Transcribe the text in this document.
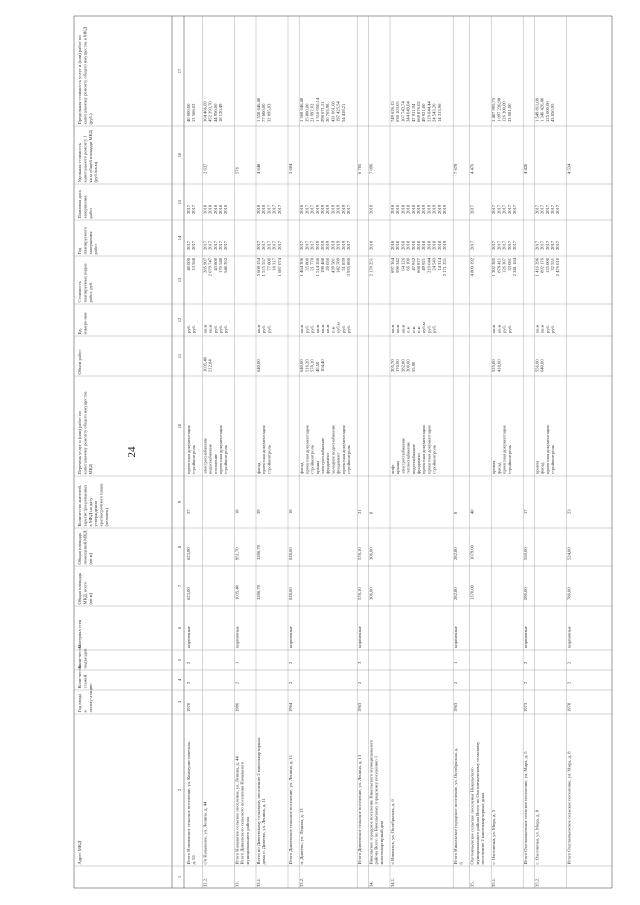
24
Адрес МКД
Год ввода в эксплу-атацию
Коли-чество этажей
Коли-чество подъездов
Материал стен
Общая площадь МКД, всего (кв.м)
Общая площадь помещений МКД (кв.м)
Количество жителей, зарегистри-рованных в МКД на дату утверждения краткосрочного плана (человек)
Перечень услуг и (или) работ по капитальному ремонту общего имущества МКД
Объем работ
Ед. измере-ния
Стоимость планируемых видов работ, руб.
Год планируемого завершения работ
Плановая дата завершения работ
Удельная стоимость капитального ремонту 1 кв.м общей площади МКД (руб./кв.м)
Предельная стоимость услуг и (или) работ по капитальному ремонту общего имущества в МКД (руб.)
1
2
3
4
5
6
7
8
9
10
11
12
13
14
15
16
17
Итого Новоямское сельское поселение, ул. Коммунистическая, д. 53
1970
2
2
кирпичные
623,00
623,90
27
проектная документация стройконтроль
руб. руб.
40 000 13 568
2017 2017
2017 2017
40 000,00 13 568,02
32.2.
с/п Начальное, ул. Ленина, д. 44
электроснабжение водоснабжение отопление проектная документация стройконтроль
1035,40 212,84
кв.м кв.м руб. руб. руб.
285 907 2 079 747 43 800 170 548 546 262
2017 2017 2017 2017 2017
2018 2018 2018 2018 2018
2 637
364 466,69 452 393,70 44 950,00 18 120,49
33.
Итого Начальное сельское поселение, ул. Ленина, д. 44 Итого Дивеевского сельского поселения Начального муниципального района
1986
2
1
кирпичные
1035,40
951,70
18
576
33.1.
Всего по Дивеевскому сельскому поселению 2 многоквартирных дома п. Дивеево, ул. Ленина, д. 11
1206,70
1206,70
39
фасад проектная документация стройконтроль
640,00
кв.м руб. руб.
5 608 154 1 575 557 77 800 18 317 1 687 074
2017 2017 2017 2017 2017
2018 2018 2017 2017 2017
4 648
1 558 646,40 77 800,00 32 095,03
Итого Дивеевское сельское поселение, ул. Ленина, д. 11
1964
2
2
кирпичные
628,60
628,60
18
2 684
33.2.
п. Дивеево, ул. Ленина, д. 13
фасад проектная документация стройконтроль крыша электроснабжение фундамент холодное водоснабжение фундамент проектная документация стройконтроль
640,00 516,20 578,10 46,50 104,40
кв.м руб. руб. кв.м кв.м кв.м п.м куб.м руб. руб.
1 464 306 35 800 21 778 1 514 266 198 488 20 050 439 581 142 789 51 839 3 935 860
2017 2017 2017 2019 2019 2019 2019 2019 2019 2017
2018 2017 2017 2019 2019 2019 2019 2019 2019 2017
1 568 646,40 35 800,00 21 997,02 1 516 050,14 298 071,51 20 765,98 431 061,68 197 425,54 54 418,21
Итого Дивеевское сельское поселение, ул. Ленина, д. 13
1963
2
3
кирпичные
578,10
578,10
21
6 785
34.
Никольское городское поселение Никольского муниципального района Всего по Никольскому городскому поселению 1 многоквартирный дом
306,00
306,00
8
2 170 251
2018
2019
7 096
34.1.
г. Никольск, ул. Октябрьская, д. 6
лифт крыша электроснабжение теплоснабжение водоснабжение фундамент проектная документация проектная документация стройконтроль
205,70 176,00 282,80 200,00 55,90
кв.м кв.м кв.м п.м п.м п.м куб.м руб. руб.
697 364 596 342 64 126 66 100 47 932 668 877 49 921 219 044 24 543 14 314 2 171 251
2018 2018 2018 2018 2018 2018 2018 2018 2018 2018 2019
2018 2018 2018 2018 2018 2019 2019 2019 2019 2019 2019
749 626,15 638 103,05 107 743,74 344 049,04 47 911,94 668 876,02 49 921,00 219 044,44 24 543,20 14 313,96
Итого Никольское городское поселение, ул. Октябрьская, д. 6
1963
2
1
кирпичные
282,80
282,80
8
7 678
35.
Охотничьевское сельское поселение Никольского муниципального района Всего по Охотничьевскому сельскому поселению 2 многоквартирных дома
1370,00
1079,00
40
4 809 192
2017
2017
4 476
35.1.
с. Охотничья, ул. Мира, д. 5
кровля фасад проектная документация стройконтроль
525,00 418,00
кв.м кв.м руб. руб.
1 302 385 879 411 126 307 33 081 2 341 184
2017 2017 2017 2017 2017
2017 2017 2017 2017 2017
1 407 995,75 1 097 230,98 126 300,00 33 081,00
Итого Охотничьевское сельское поселение, ул. Мира, д. 5
1973
2
2
кирпичные
590,00
550,00
17
4 420
35.2.
с. Охотничья, ул. Мира, д. 8
кровля фасад проектная документация стройконтроль
556,00 640,00
кв.м кв.м руб. руб.
1 416 296 892 176 125 000 32 551 2 476 010
2017 2017 2017 2017 2017
2017 2017 2017 2017 2017
1 549 811,08 1 346 426,40 125 000,00 43 850,95
Итого Охотничьевское сельское поселение, ул. Мира, д. 8
1978
2
2
кирпичные
780,00
524,00
23
4 534
